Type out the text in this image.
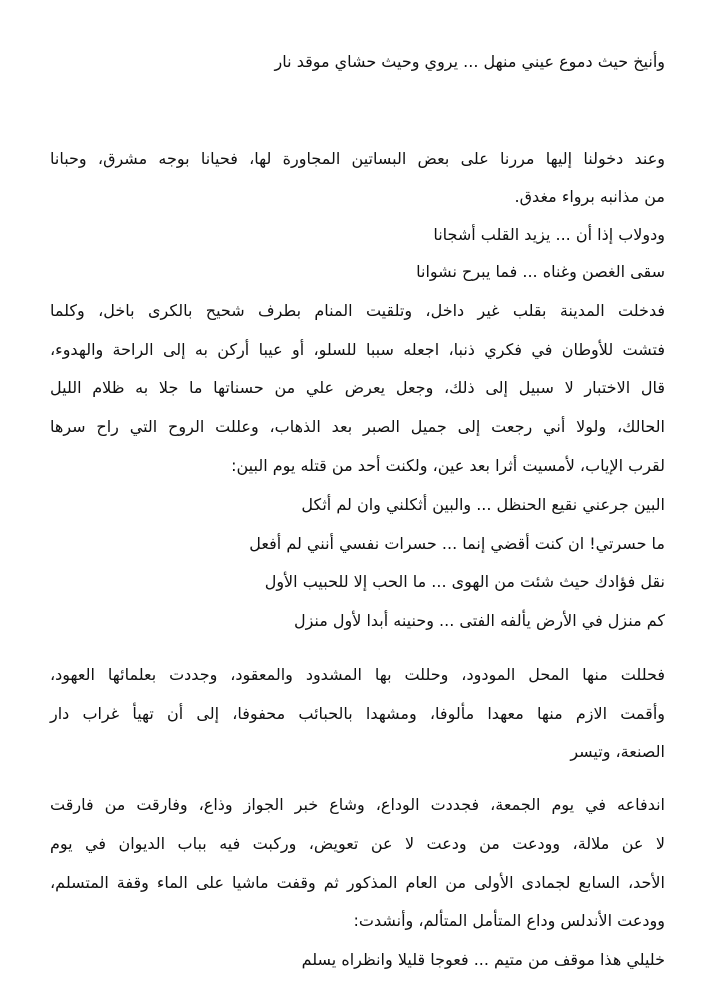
وأنيخ حيث دموع عيني منهل ... يروي وحيث حشاي موقد نار
وعند دخولنا إليها مررنا على بعض البساتين المجاورة لها، فحيانا بوجه مشرق، وحبانا
من مذانبه برواء مغدق.
ودولاب إذا أن ... يزيد القلب أشجانا
سقى الغصن وغناه ... فما يبرح نشوانا
فدخلت المدينة بقلب غير داخل، وتلقيت المنام بطرف شحيح بالكرى باخل، وكلما
فتشت للأوطان في فكري ذنبا، اجعله سببا للسلو، أو عيبا أركن به إلى الراحة والهدوء،
قال الاختبار لا سبيل إلى ذلك، وجعل يعرض علي من حسناتها ما جلا به ظلام الليل
الحالك، ولولا أني رجعت إلى جميل الصبر بعد الذهاب، وعللت الروح التي راح سرها
لقرب الإياب، لأمسيت أثرا بعد عين، ولكنت أحد من قتله يوم البين:
البين جرعني نقيع الحنظل ... والبين أثكلني وان لم أثكل
ما حسرتي! ان كنت أقضي إنما ... حسرات نفسي أنني لم أفعل
نقل فؤادك حيث شئت من الهوى ... ما الحب إلا للحبيب الأول
كم منزل في الأرض يألفه الفتى ... وحنينه أبدا لأول منزل
فحللت منها المحل المودود، وحللت بها المشدود والمعقود، وجددت بعلمائها العهود،
وأقمت الازم منها معهدا مألوفا، ومشهدا بالحبائب محفوفا، إلى أن تهيأ غراب دار
الصنعة، وتيسر
اندفاعه في يوم الجمعة، فجددت الوداع، وشاع خبر الجواز وذاع، وفارقت من فارقت
لا عن ملالة، وودعت من ودعت لا عن تعويض، وركبت فيه بباب الديوان في يوم
الأحد، السابع لجمادى الأولى من العام المذكور ثم وقفت ماشيا على الماء وقفة المتسلم،
وودعت الأندلس وداع المتأمل المتألم، وأنشدت:
خليلي هذا موقف من متيم ... فعوجا قليلا وانظراه يسلم
